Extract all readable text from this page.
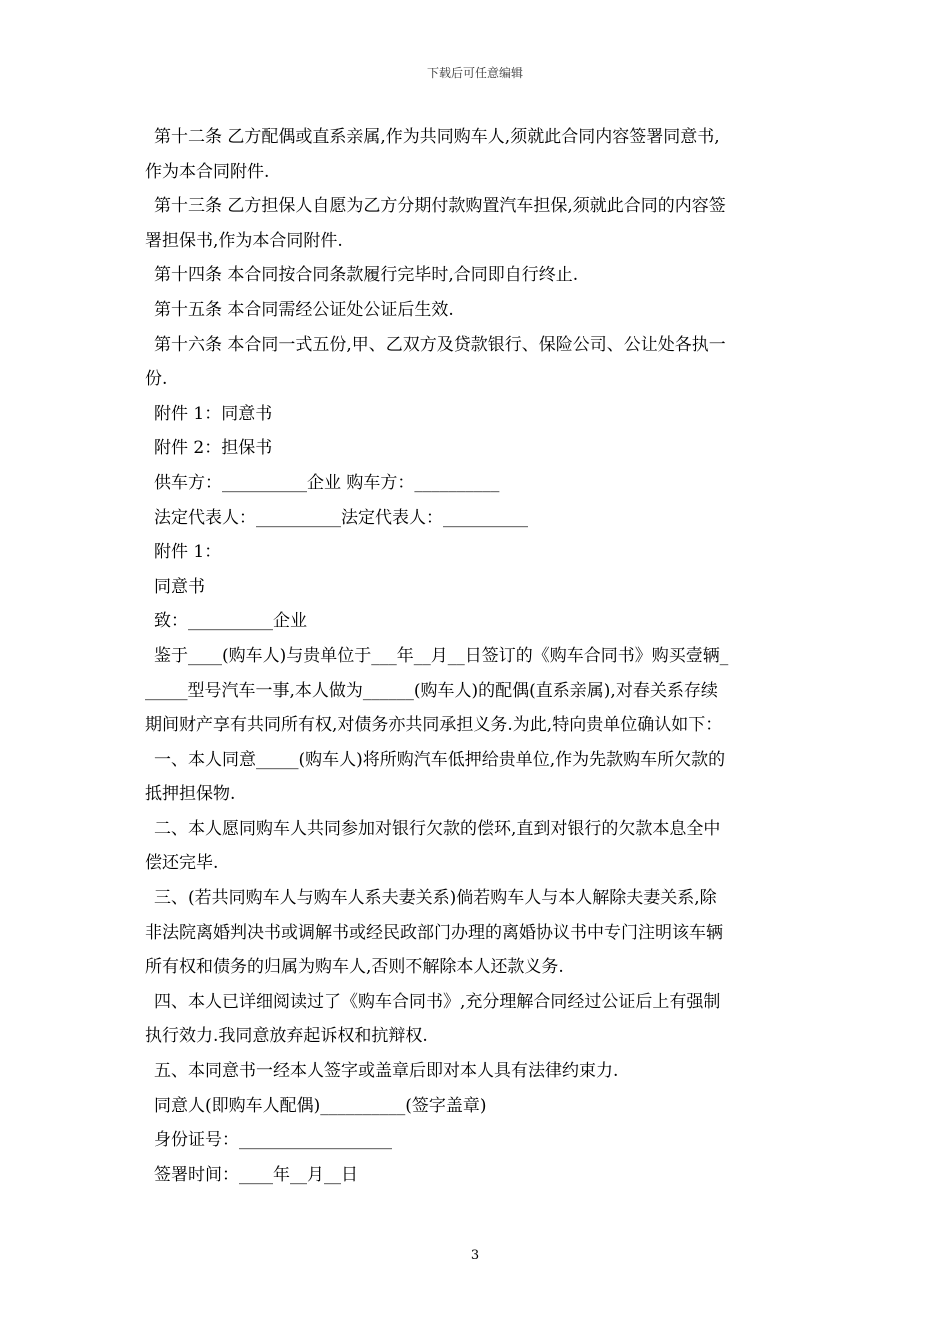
下载后可任意编辑

第十二条 乙方配偶或直系亲属,作为共同购车人,须就此合同内容签署同意书,

作为本合同附件.

第十三条 乙方担保人自愿为乙方分期付款购置汽车担保,须就此合同的内容签

署担保书,作为本合同附件.

第十四条 本合同按合同条款履行完毕时,合同即自行终止.

第十五条 本合同需经公证处公证后生效.

第十六条 本合同一式五份,甲、乙双方及贷款银行、保险公司、公让处各执一

份.

附件 1：同意书

附件 2：担保书

供车方：__________企业 购车方：__________

法定代表人：__________法定代表人：__________

附件 1：

同意书

致：__________企业

鉴于____(购车人)与贵单位于___年__月__日签订的《购车合同书》购买壹辆_

_____型号汽车一事,本人做为______(购车人)的配偶(直系亲属),对春关系存续

期间财产享有共同所有权,对债务亦共同承担义务.为此,特向贵单位确认如下：

一、本人同意_____(购车人)将所购汽车低押给贵单位,作为先款购车所欠款的

抵押担保物.

二、本人愿同购车人共同参加对银行欠款的偿环,直到对银行的欠款本息全中

偿还完毕.

三、(若共同购车人与购车人系夫妻关系)倘若购车人与本人解除夫妻关系,除

非法院离婚判决书或调解书或经民政部门办理的离婚协议书中专门注明该车辆

所有权和债务的归属为购车人,否则不解除本人还款义务.

四、本人已详细阅读过了《购车合同书》,充分理解合同经过公证后上有强制

执行效力.我同意放弃起诉权和抗辩权.

五、本同意书一经本人签字或盖章后即对本人具有法律约束力.

同意人(即购车人配偶)__________(签字盖章)

身份证号：__________________

签署时间：____年__月__日

3
